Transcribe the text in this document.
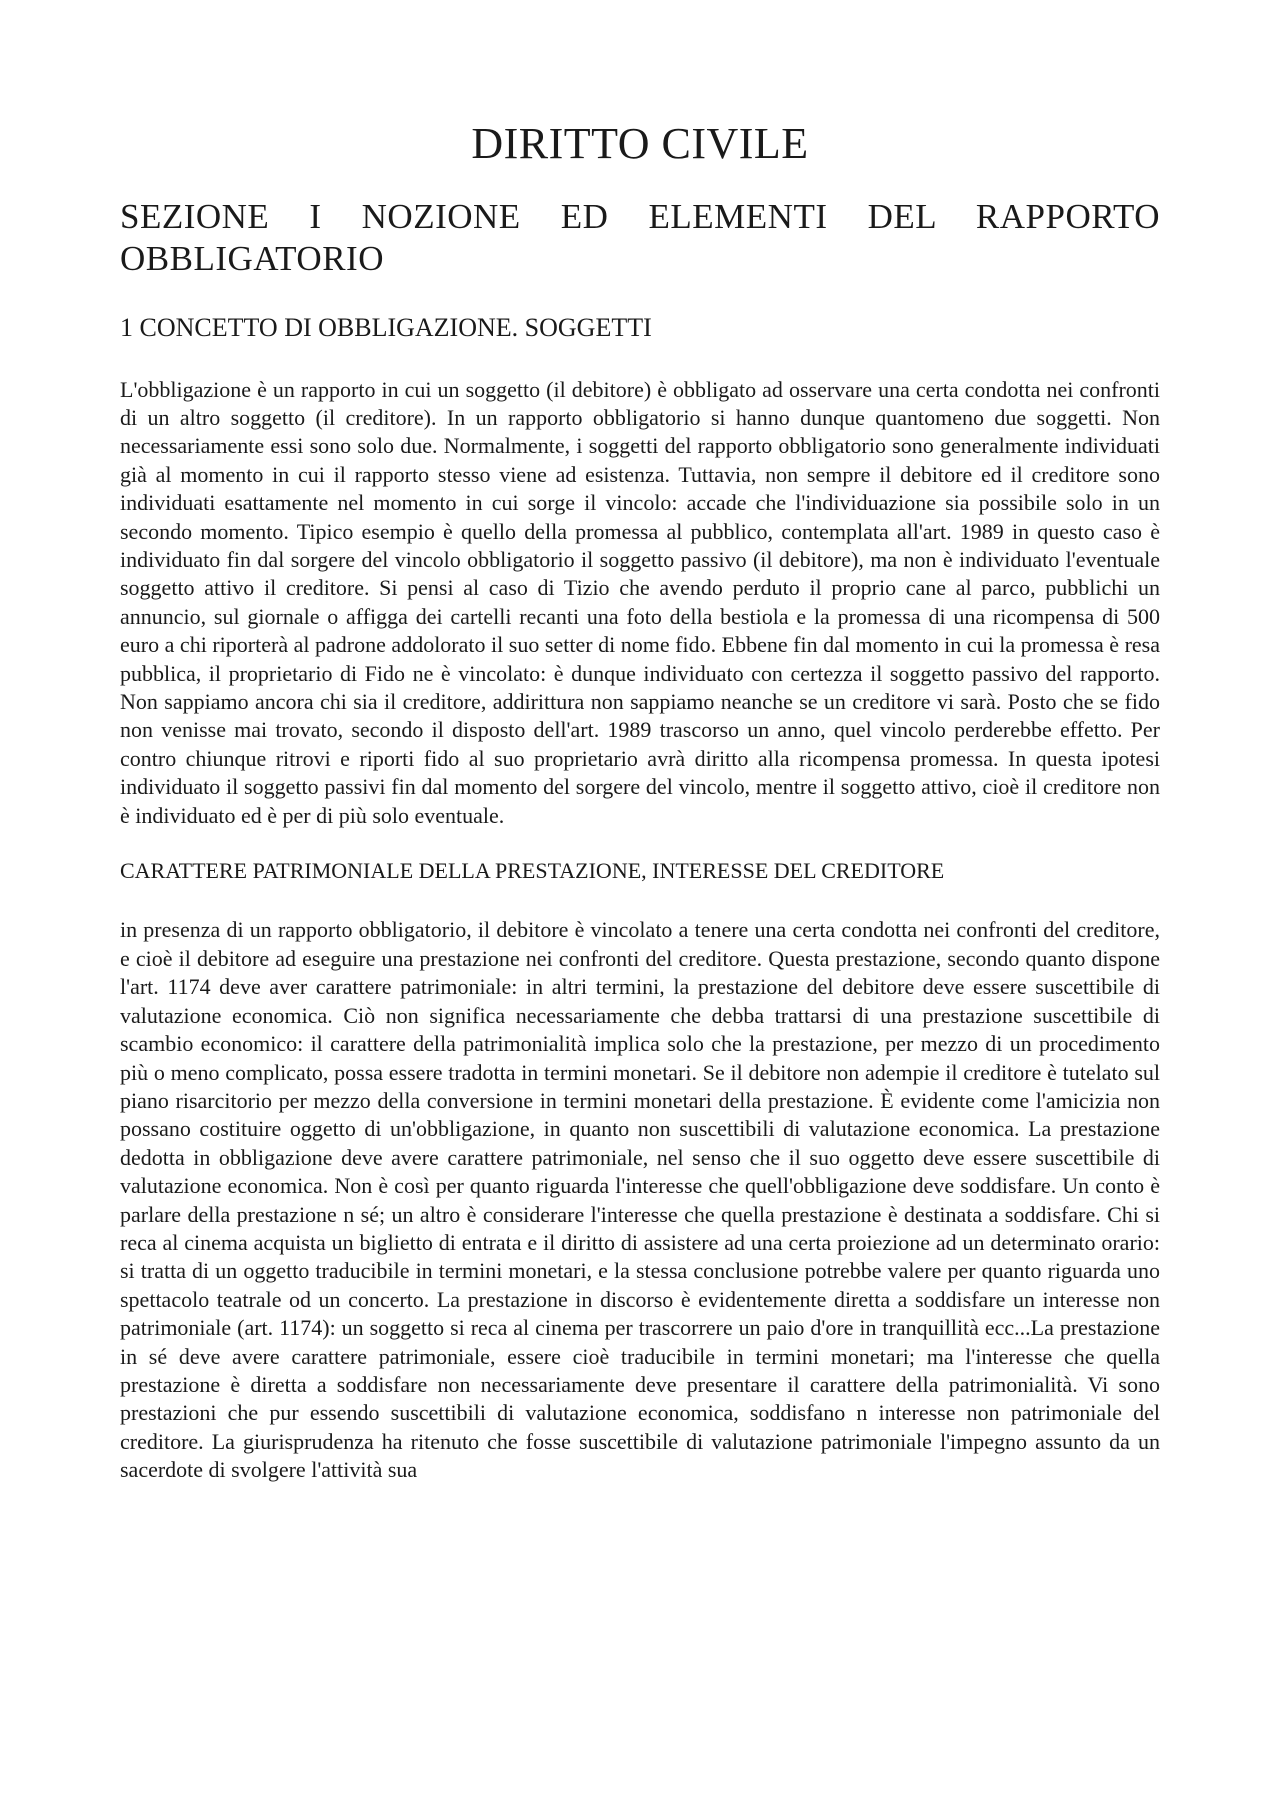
DIRITTO CIVILE
SEZIONE I NOZIONE ED ELEMENTI DEL RAPPORTO OBBLIGATORIO
1 CONCETTO DI OBBLIGAZIONE. SOGGETTI

L'obbligazione è un rapporto in cui un soggetto (il debitore) è obbligato ad osservare una certa condotta nei confronti di un altro soggetto (il creditore). In un rapporto obbligatorio si hanno dunque quantomeno due soggetti. Non necessariamente essi sono solo due. Normalmente, i soggetti del rapporto obbligatorio sono generalmente individuati già al momento in cui il rapporto stesso viene ad esistenza. Tuttavia, non sempre il debitore ed il creditore sono individuati esattamente nel momento in cui sorge il vincolo: accade che l'individuazione sia possibile solo in un secondo momento. Tipico esempio è quello della promessa al pubblico, contemplata all'art. 1989 in questo caso è individuato fin dal sorgere del vincolo obbligatorio il soggetto passivo (il debitore), ma non è individuato l'eventuale soggetto attivo il creditore. Si pensi al caso di Tizio che avendo perduto il proprio cane al parco, pubblichi un annuncio, sul giornale o affigga dei cartelli recanti una foto della bestiola e la promessa di una ricompensa di 500 euro a chi riporterà al padrone addolorato il suo setter di nome fido. Ebbene fin dal momento in cui la promessa è resa pubblica, il proprietario di Fido ne è vincolato: è dunque individuato con certezza il soggetto passivo del rapporto. Non sappiamo ancora chi sia il creditore, addirittura non sappiamo neanche se un creditore vi sarà. Posto che se fido non venisse mai trovato, secondo il disposto dell'art. 1989 trascorso un anno, quel vincolo perderebbe effetto. Per contro chiunque ritrovi e riporti fido al suo proprietario avrà diritto alla ricompensa promessa. In questa ipotesi individuato il soggetto passivi fin dal momento del sorgere del vincolo, mentre il soggetto attivo, cioè il creditore non è individuato ed è per di più solo eventuale.

CARATTERE PATRIMONIALE DELLA PRESTAZIONE, INTERESSE DEL CREDITORE

in presenza di un rapporto obbligatorio, il debitore è vincolato a tenere una certa condotta nei confronti del creditore, e cioè il debitore ad eseguire una prestazione nei confronti del creditore. Questa prestazione, secondo quanto dispone l'art. 1174 deve aver carattere patrimoniale: in altri termini, la prestazione del debitore deve essere suscettibile di valutazione economica. Ciò non significa necessariamente che debba trattarsi di una prestazione suscettibile di scambio economico: il carattere della patrimonialità implica solo che la prestazione, per mezzo di un procedimento più o meno complicato, possa essere tradotta in termini monetari. Se il debitore non adempie il creditore è tutelato sul piano risarcitorio per mezzo della conversione in termini monetari della prestazione. È evidente come l'amicizia non possano costituire oggetto di un'obbligazione, in quanto non suscettibili di valutazione economica. La prestazione dedotta in obbligazione deve avere carattere patrimoniale, nel senso che il suo oggetto deve essere suscettibile di valutazione economica. Non è così per quanto riguarda l'interesse che quell'obbligazione deve soddisfare. Un conto è parlare della prestazione n sé; un altro è considerare l'interesse che quella prestazione è destinata a soddisfare. Chi si reca al cinema acquista un biglietto di entrata e il diritto di assistere ad una certa proiezione ad un determinato orario: si tratta di un oggetto traducibile in termini monetari, e la stessa conclusione potrebbe valere per quanto riguarda uno spettacolo teatrale od un concerto. La prestazione in discorso è evidentemente diretta a soddisfare un interesse non patrimoniale (art. 1174): un soggetto si reca al cinema per trascorrere un paio d'ore in tranquillità ecc...La prestazione in sé deve avere carattere patrimoniale, essere cioè traducibile in termini monetari; ma l'interesse che quella prestazione è diretta a soddisfare non necessariamente deve presentare il carattere della patrimonialità. Vi sono prestazioni che pur essendo suscettibili di valutazione economica, soddisfano n interesse non patrimoniale del creditore. La giurisprudenza ha ritenuto che fosse suscettibile di valutazione patrimoniale l'impegno assunto da un sacerdote di svolgere l'attività sua
